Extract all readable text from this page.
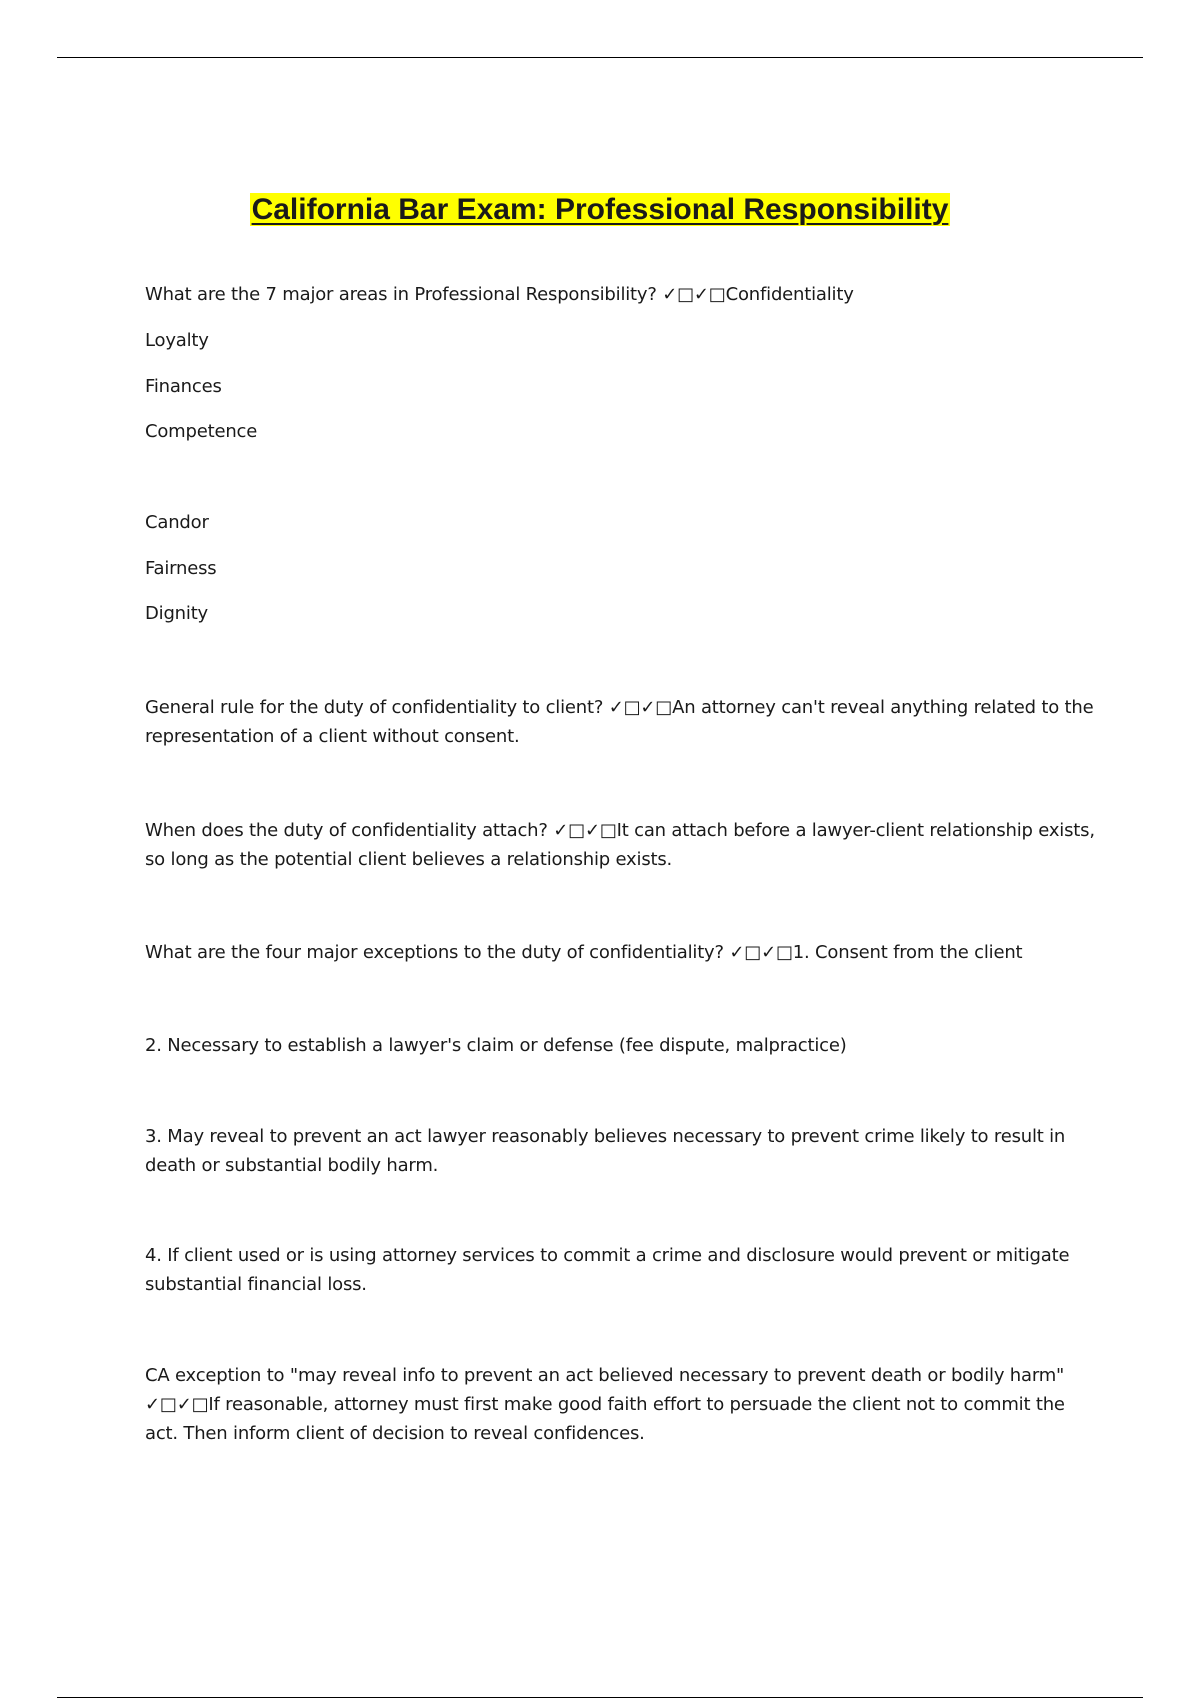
California Bar Exam: Professional Responsibility
What are the 7 major areas in Professional Responsibility? ✓□✓□Confidentiality
Loyalty
Finances
Competence
Candor
Fairness
Dignity
General rule for the duty of confidentiality to client? ✓□✓□An attorney can't reveal anything related to the representation of a client without consent.
When does the duty of confidentiality attach? ✓□✓□It can attach before a lawyer-client relationship exists, so long as the potential client believes a relationship exists.
What are the four major exceptions to the duty of confidentiality? ✓□✓□1. Consent from the client
2. Necessary to establish a lawyer's claim or defense (fee dispute, malpractice)
3. May reveal to prevent an act lawyer reasonably believes necessary to prevent crime likely to result in death or substantial bodily harm.
4. If client used or is using attorney services to commit a crime and disclosure would prevent or mitigate substantial financial loss.
CA exception to "may reveal info to prevent an act believed necessary to prevent death or bodily harm" ✓□✓□If reasonable, attorney must first make good faith effort to persuade the client not to commit the act. Then inform client of decision to reveal confidences.
